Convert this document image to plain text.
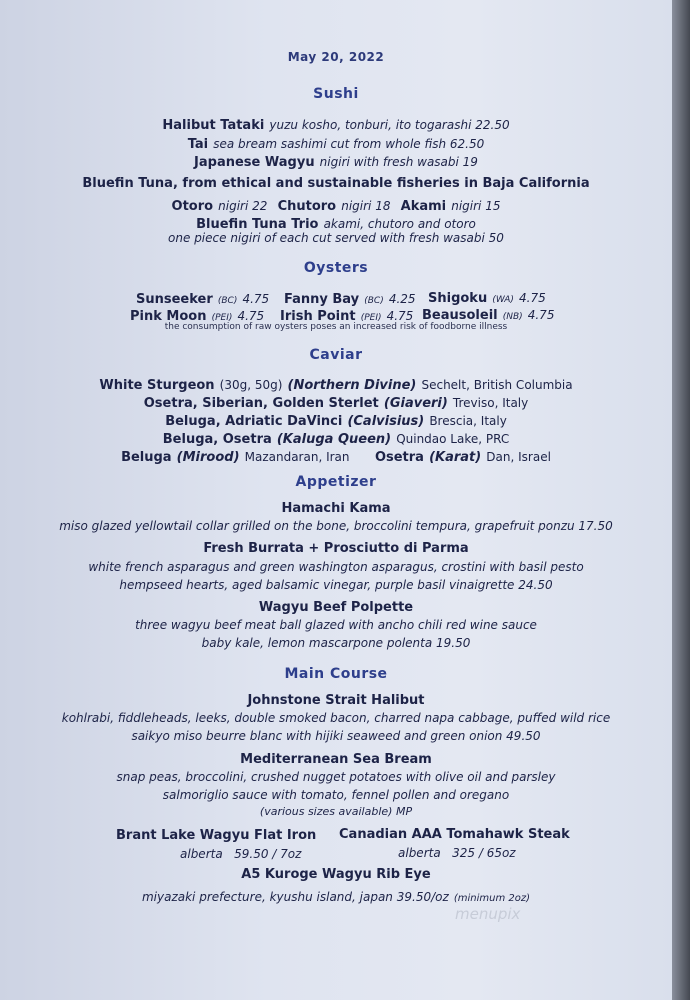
May 20, 2022
Sushi
Halibut Tataki yuzu kosho, tonburi, ito togarashi 22.50
Tai sea bream sashimi cut from whole fish 62.50
Japanese Wagyu nigiri with fresh wasabi 19
Bluefin Tuna, from ethical and sustainable fisheries in Baja California
Otoro nigiri 22 Chutoro nigiri 18 Akami nigiri 15
Bluefin Tuna Trio akami, chutoro and otoro
one piece nigiri of each cut served with fresh wasabi 50
Oysters
Sunseeker (BC) 4.75 Fanny Bay (BC) 4.25 Shigoku (WA) 4.75
Pink Moon (PEI) 4.75 Irish Point (PEI) 4.75 Beausoleil (NB) 4.75
the consumption of raw oysters poses an increased risk of foodborne illness
Caviar
White Sturgeon (30g, 50g) (Northern Divine) Sechelt, British Columbia
Osetra, Siberian, Golden Sterlet (Giaveri) Treviso, Italy
Beluga, Adriatic DaVinci (Calvisius) Brescia, Italy
Beluga, Osetra (Kaluga Queen) Quindao Lake, PRC
Beluga (Mirood) Mazandaran, Iran Osetra (Karat) Dan, Israel
Appetizer
Hamachi Kama
miso glazed yellowtail collar grilled on the bone, broccolini tempura, grapefruit ponzu 17.50
Fresh Burrata + Prosciutto di Parma
white french asparagus and green washington asparagus, crostini with basil pesto
hempseed hearts, aged balsamic vinegar, purple basil vinaigrette 24.50
Wagyu Beef Polpette
three wagyu beef meat ball glazed with ancho chili red wine sauce
baby kale, lemon mascarpone polenta 19.50
Main Course
Johnstone Strait Halibut
kohlrabi, fiddleheads, leeks, double smoked bacon, charred napa cabbage, puffed wild rice
saikyo miso beurre blanc with hijiki seaweed and green onion 49.50
Mediterranean Sea Bream
snap peas, broccolini, crushed nugget potatoes with olive oil and parsley
salmoriglio sauce with tomato, fennel pollen and oregano
(various sizes available) MP
Brant Lake Wagyu Flat Iron Canadian AAA Tomahawk Steak
alberta   59.50 / 7oz	alberta   325 / 65oz
A5 Kuroge Wagyu Rib Eye
miyazaki prefecture, kyushu island, japan 39.50/oz (minimum 2oz)
menupix
